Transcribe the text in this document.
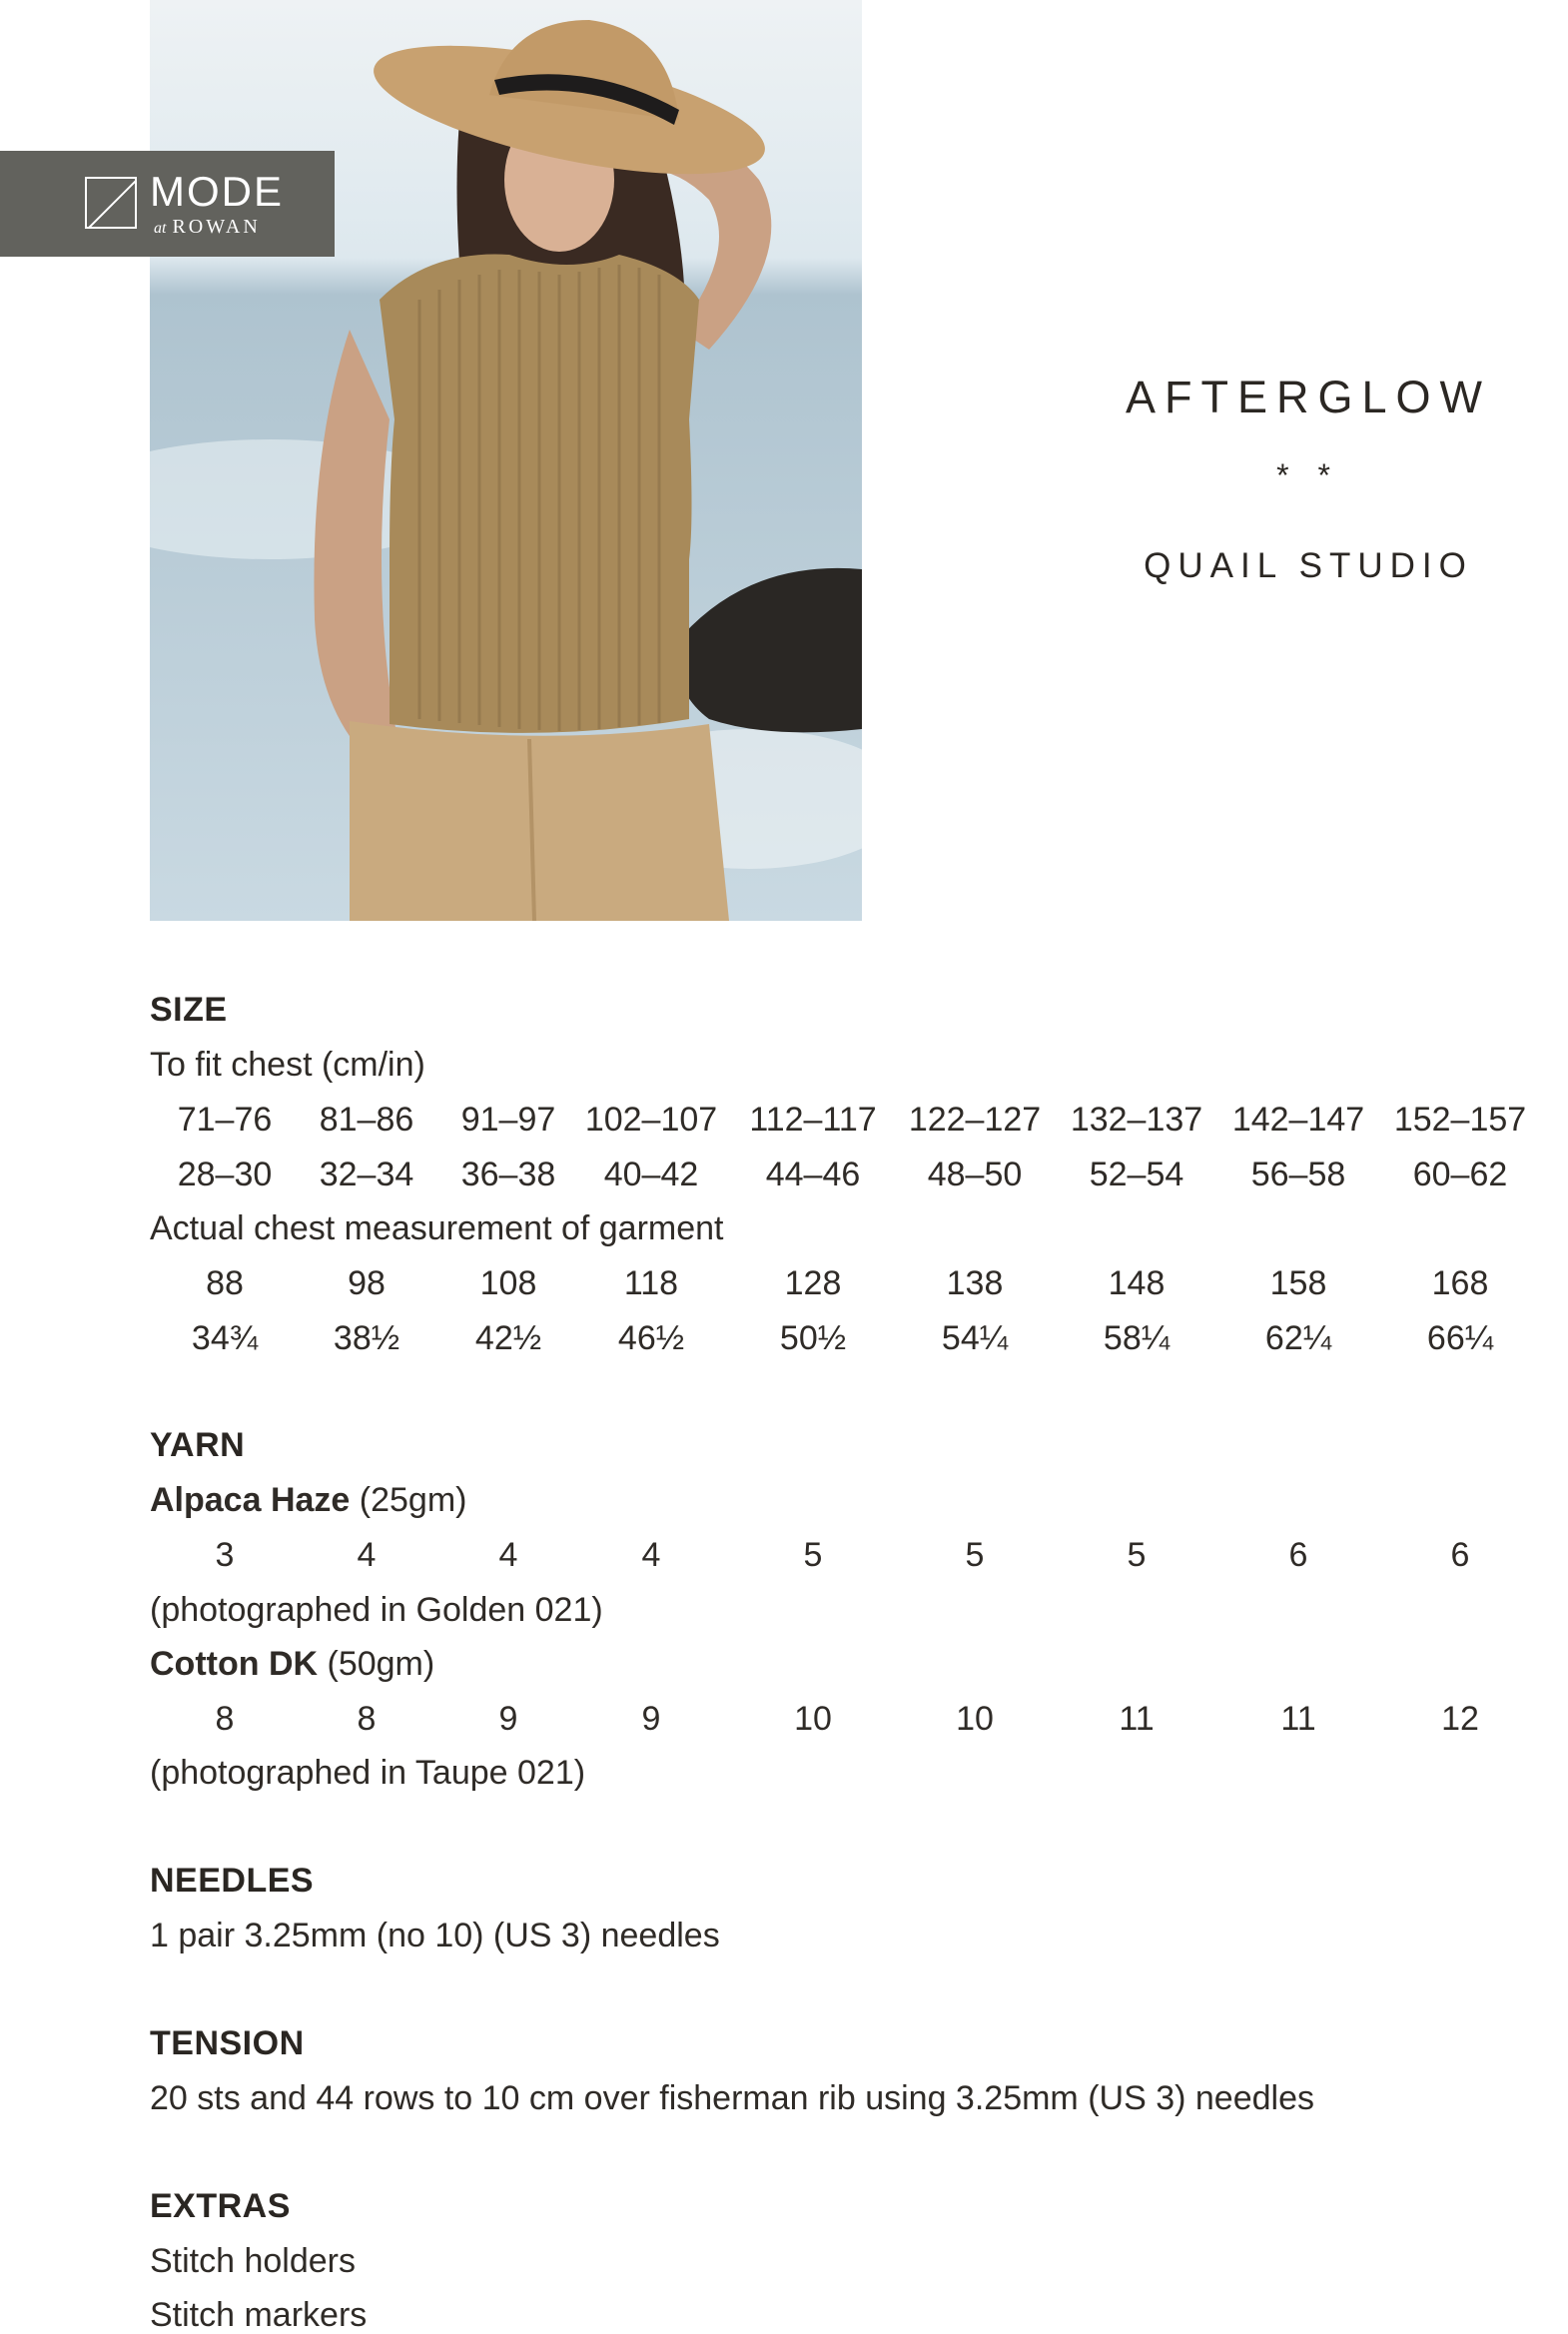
MODE
at ROWAN
AFTERGLOW
* *
QUAIL STUDIO
SIZE
To fit chest (cm/in)
71–76 81–86 91–97 102–107 112–117 122–127 132–137 142–147 152–157
28–30 32–34 36–38 40–42 44–46 48–50 52–54 56–58 60–62
Actual chest measurement of garment
88	98	108	118	128	138	148	158	168
34¾ 38½ 42½ 46½	50½	54¼	58¼	62¼	66¼
YARN
Alpaca Haze (25gm)
3	4	4	4	5	5	5	6	6
(photographed in Golden 021)
Cotton DK (50gm)
8	8	9	9	10	10	11	11	12
(photographed in Taupe 021)
NEEDLES
1 pair 3.25mm (no 10) (US 3) needles
TENSION
20 sts and 44 rows to 10 cm over fisherman rib using 3.25mm (US 3) needles
EXTRAS
Stitch holders
Stitch markers
